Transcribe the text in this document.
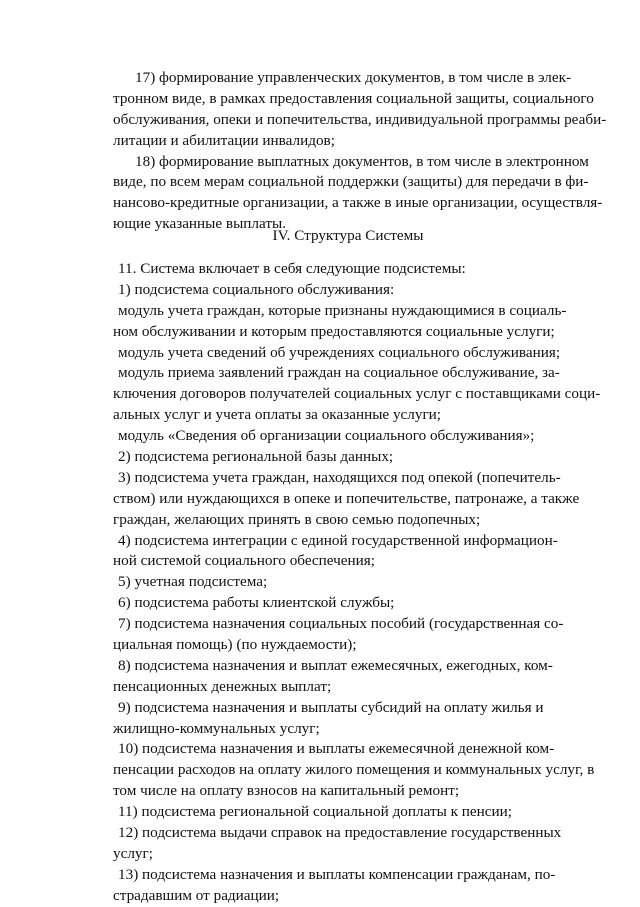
17) формирование управленческих документов, в том числе в элек-
тронном виде, в рамках предоставления социальной защиты, социального
обслуживания, опеки и попечительства, индивидуальной программы реаби-
литации и абилитации инвалидов;
18) формирование выплатных документов, в том числе в электронном
виде, по всем мерам социальной поддержки (защиты) для передачи в фи-
нансово-кредитные организации, а также в иные организации, осуществля-
ющие указанные выплаты.
IV. Структура Системы
11. Система включает в себя следующие подсистемы:
1) подсистема социального обслуживания:
модуль учета граждан, которые признаны нуждающимися в социаль-
ном обслуживании и которым предоставляются социальные услуги;
модуль учета сведений об учреждениях социального обслуживания;
модуль приема заявлений граждан на социальное обслуживание, за-
ключения договоров получателей социальных услуг с поставщиками соци-
альных услуг и учета оплаты за оказанные услуги;
модуль «Сведения об организации социального обслуживания»;
2) подсистема региональной базы данных;
3) подсистема учета граждан, находящихся под опекой (попечитель-
ством) или нуждающихся в опеке и попечительстве, патронаже, а также
граждан, желающих принять в свою семью подопечных;
4) подсистема интеграции с единой государственной информацион-
ной системой социального обеспечения;
5) учетная подсистема;
6) подсистема работы клиентской службы;
7) подсистема назначения социальных пособий (государственная со-
циальная помощь) (по нуждаемости);
8) подсистема назначения и выплат ежемесячных, ежегодных, ком-
пенсационных денежных выплат;
9) подсистема назначения и выплаты субсидий на оплату жилья и
жилищно-коммунальных услуг;
10) подсистема назначения и выплаты ежемесячной денежной ком-
пенсации расходов на оплату жилого помещения и коммунальных услуг, в
том числе на оплату взносов на капитальный ремонт;
11) подсистема региональной социальной доплаты к пенсии;
12) подсистема выдачи справок на предоставление государственных
услуг;
13) подсистема назначения и выплаты компенсации гражданам, по-
страдавшим от радиации;
